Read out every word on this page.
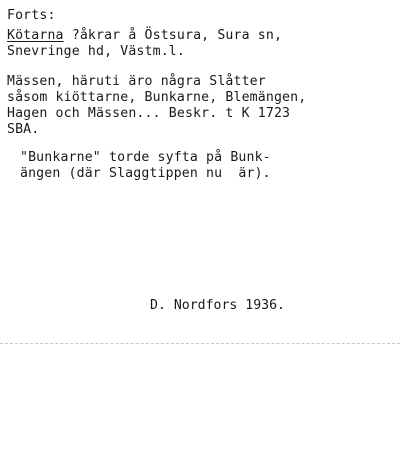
Forts:
Kötarna ?åkrar å Östsura, Sura sn,
Snevringe hd, Västm.l.
Mässen, häruti äro några Slåtter
såsom kiöttarne, Bunkarne, Blemängen,
Hagen och Mässen... Beskr. t K 1723
SBA.
"Bunkarne" torde syfta på Bunk-
ängen (där Slaggtippen nu  är).
D. Nordfors 1936.
